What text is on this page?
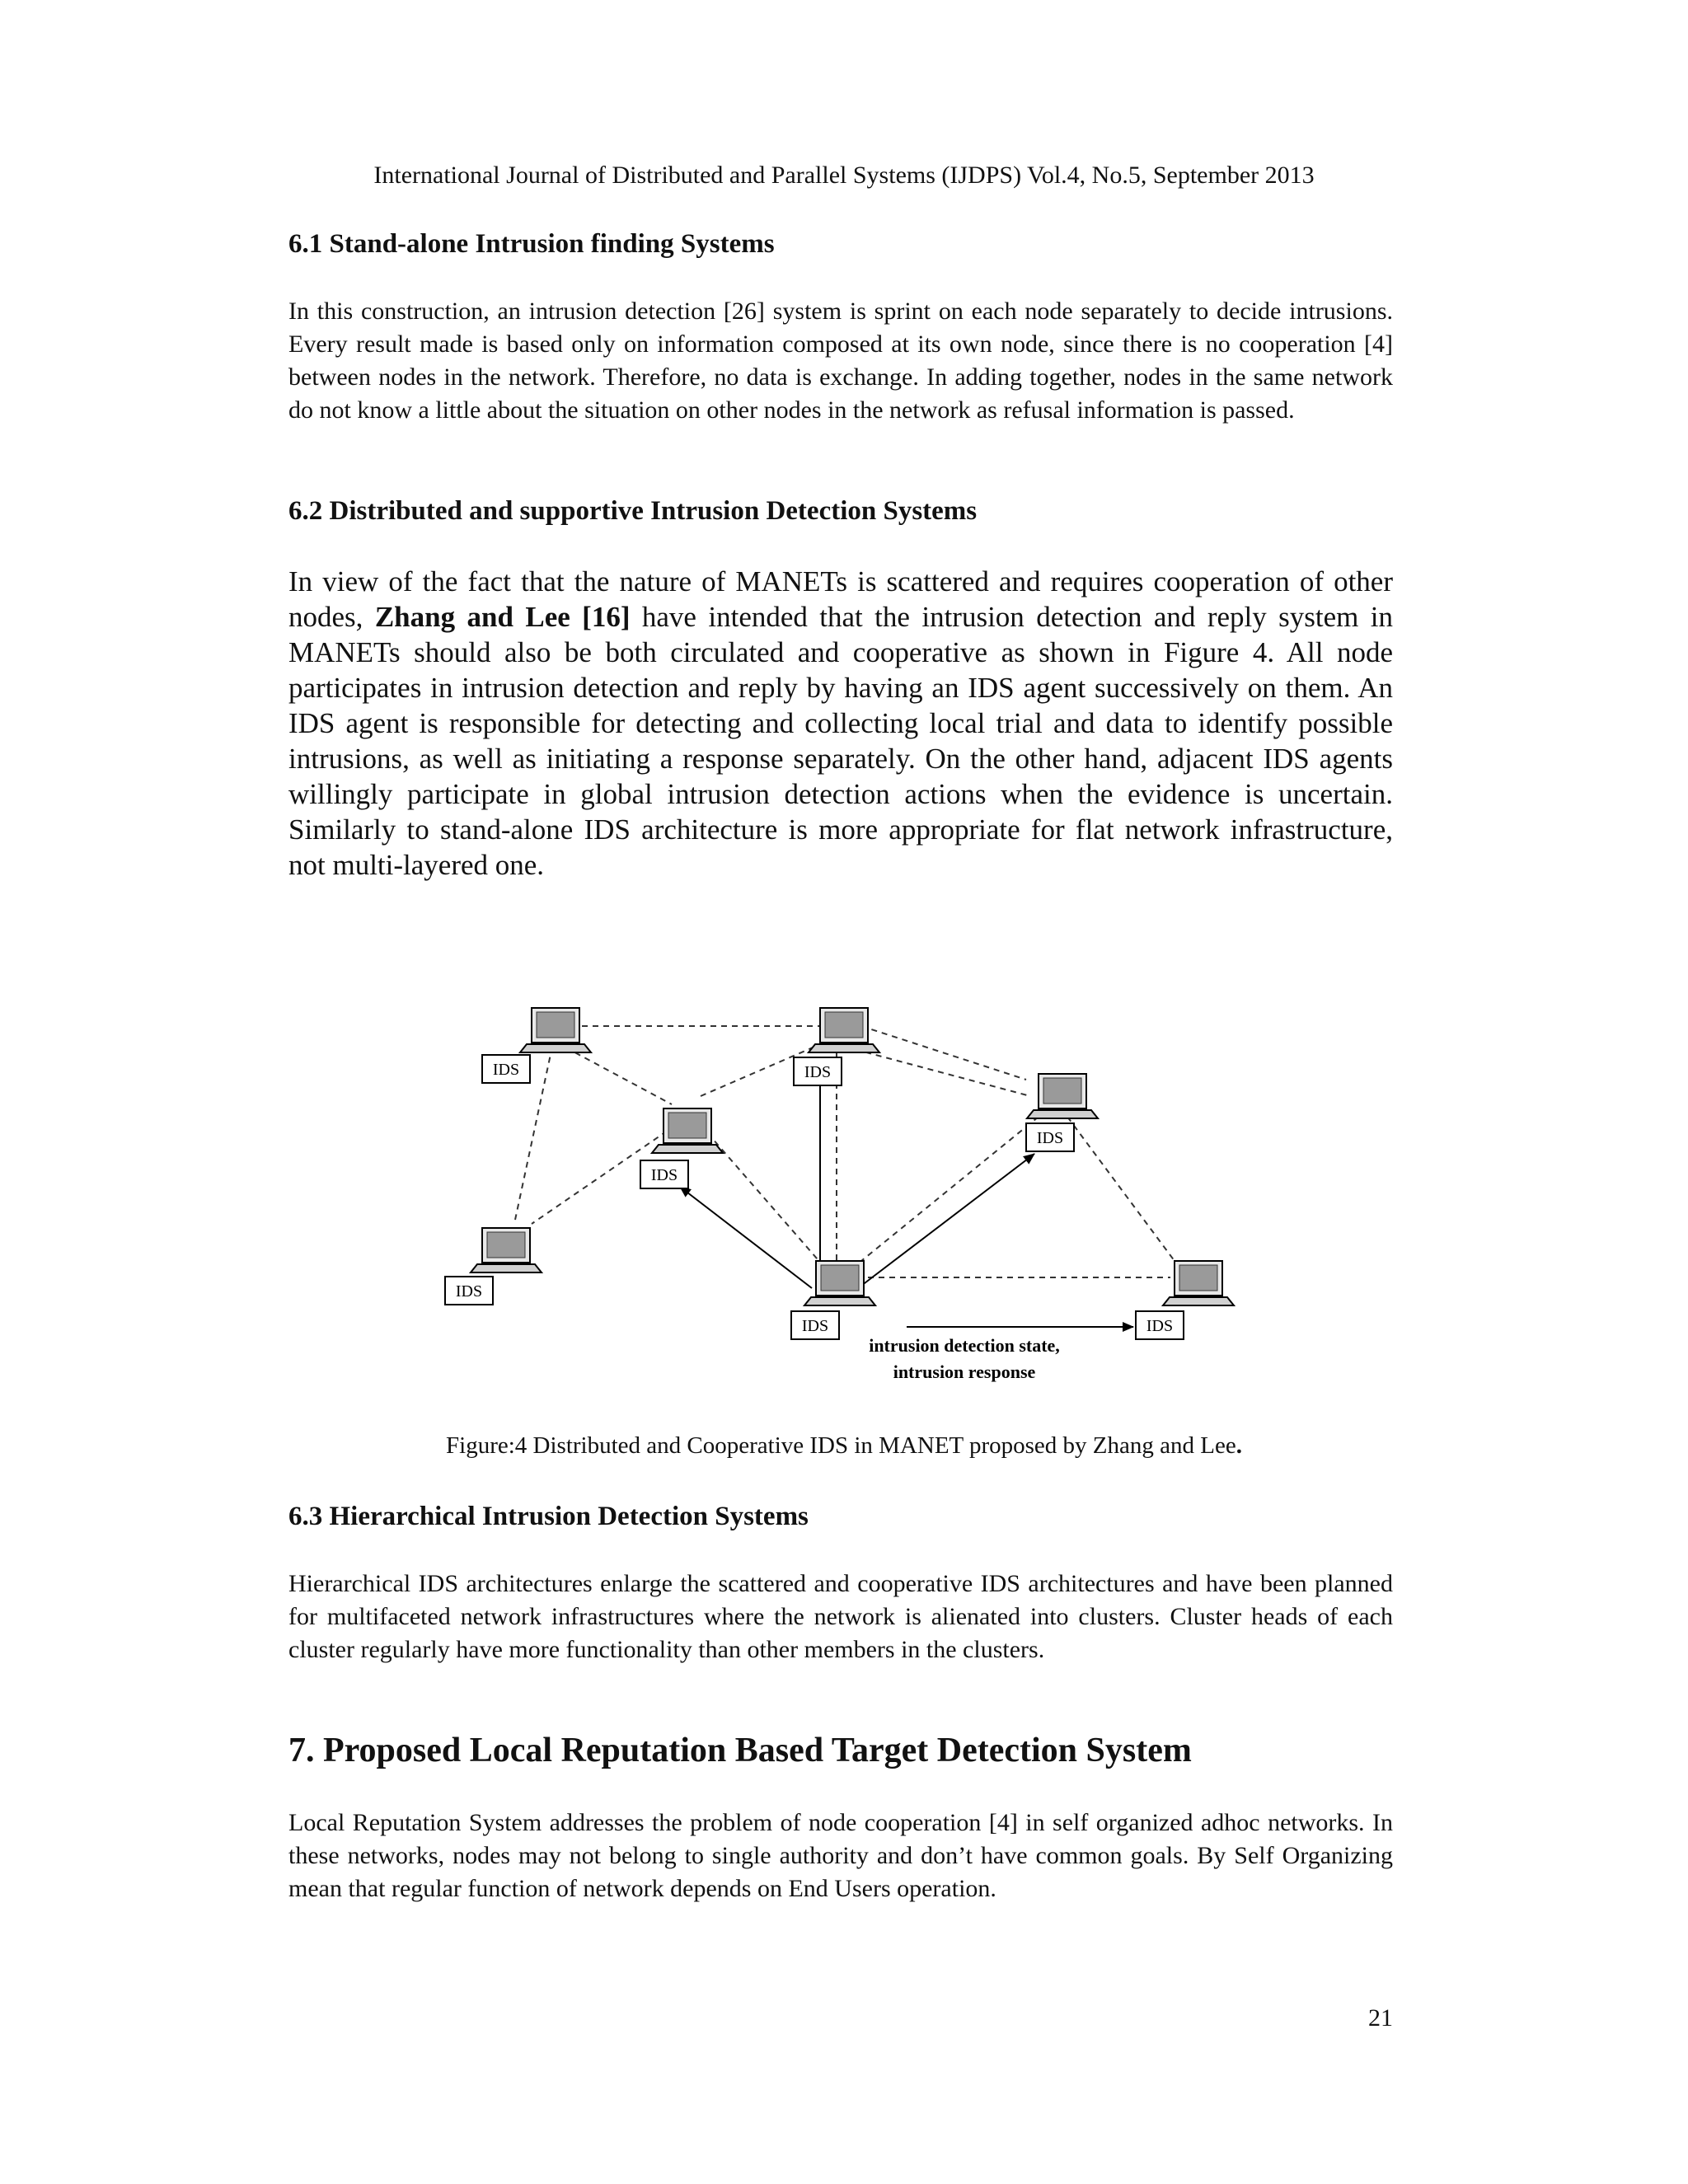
International Journal of Distributed and Parallel Systems (IJDPS) Vol.4, No.5, September 2013
6.1 Stand-alone Intrusion finding Systems
In this construction, an intrusion detection [26] system is sprint on each node separately to decide intrusions. Every result made is based only on information composed at its own node, since there is no cooperation [4] between nodes in the network. Therefore, no data is exchange. In adding together, nodes in the same network do not know a little about the situation on other nodes in the network as refusal information is passed.
6.2 Distributed and supportive Intrusion Detection Systems
In view of the fact that the nature of MANETs is scattered and requires cooperation of other nodes, Zhang and Lee [16] have intended that the intrusion detection and reply system in MANETs should also be both circulated and cooperative as shown in Figure 4. All node participates in intrusion detection and reply by having an IDS agent successively on them. An IDS agent is responsible for detecting and collecting local trial and data to identify possible intrusions, as well as initiating a response separately. On the other hand, adjacent IDS agents willingly participate in global intrusion detection actions when the evidence is uncertain. Similarly to stand-alone IDS architecture is more appropriate for flat network infrastructure, not multi-layered one.
IDS	IDS
IDS
IDS
IDS
IDS	IDS
intrusion detection state,
intrusion response
Figure:4 Distributed and Cooperative IDS in MANET proposed by Zhang and Lee.
6.3 Hierarchical Intrusion Detection Systems
Hierarchical IDS architectures enlarge the scattered and cooperative IDS architectures and have been planned for multifaceted network infrastructures where the network is alienated into clusters. Cluster heads of each cluster regularly have more functionality than other members in the clusters.
7. Proposed Local Reputation Based Target Detection System
Local Reputation System addresses the problem of node cooperation [4] in self organized adhoc networks. In these networks, nodes may not belong to single authority and don’t have common goals. By Self Organizing mean that regular function of network depends on End Users operation.
21
